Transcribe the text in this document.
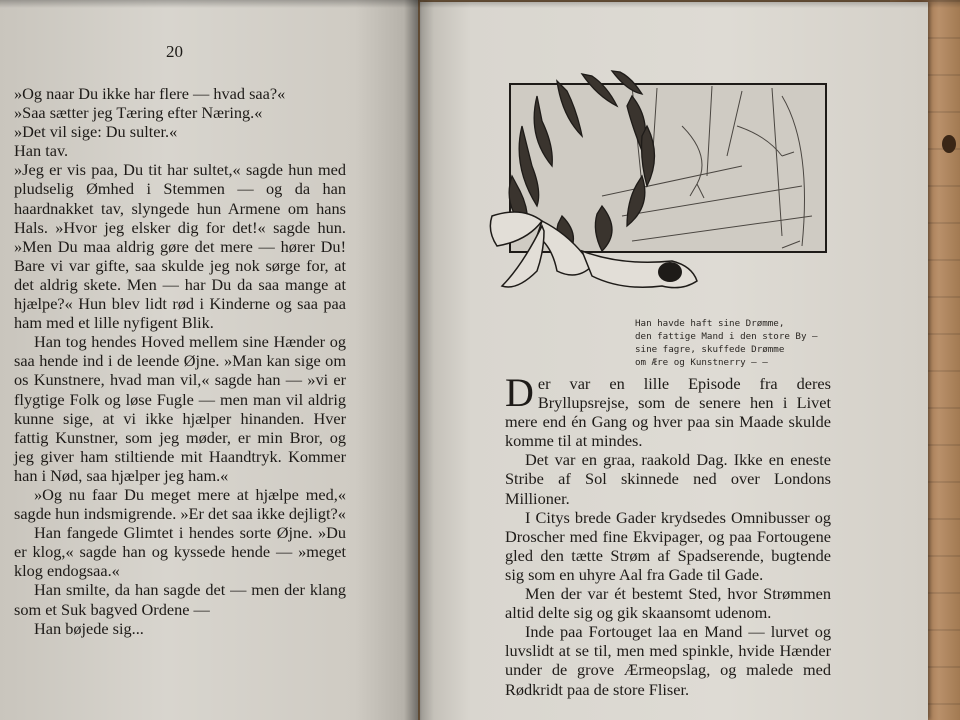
20

»Og naar Du ikke har flere — hvad saa?«

»Saa sætter jeg Tæring efter Næring.«

»Det vil sige: Du sulter.«

Han tav.

»Jeg er vis paa, Du tit har sultet,« sagde hun med pludselig Ømhed i Stemmen — og da han haardnakket tav, slyngede hun Armene om hans Hals. »Hvor jeg elsker dig for det!« sagde hun. »Men Du maa aldrig gøre det mere — hører Du! Bare vi var gifte, saa skulde jeg nok sørge for, at det aldrig skete. Men — har Du da saa mange at hjælpe?« Hun blev lidt rød i Kinderne og saa paa ham med et lille nyfigent Blik.

Han tog hendes Hoved mellem sine Hænder og saa hende ind i de leende Øjne. »Man kan sige om os Kunstnere, hvad man vil,« sagde han — »vi er flygtige Folk og løse Fugle — men man vil aldrig kunne sige, at vi ikke hjælper hinanden. Hver fattig Kunstner, som jeg møder, er min Bror, og jeg giver ham stiltiende mit Haandtryk. Kommer han i Nød, saa hjælper jeg ham.«

»Og nu faar Du meget mere at hjælpe med,« sagde hun indsmigrende. »Er det saa ikke dejligt?«

Han fangede Glimtet i hendes sorte Øjne. »Du er klog,« sagde han og kyssede hende — »meget klog endogsaa.«

Han smilte, da han sagde det — men der klang som et Suk bagved Ordene —

Han bøjede sig...

Han havde haft sine Drømme,
den fattige Mand i den store By —
sine fagre, skuffede Drømme
om Ære og Kunstnerry — —

Der var en lille Episode fra deres Bryllupsrejse, som de senere hen i Livet mere end én Gang og hver paa sin Maade skulde komme til at mindes.

Det var en graa, raakold Dag. Ikke en eneste Stribe af Sol skinnede ned over Londons Millioner.

I Citys brede Gader krydsedes Omnibusser og Droscher med fine Ekvipager, og paa Fortougene gled den tætte Strøm af Spadserende, bugtende sig som en uhyre Aal fra Gade til Gade.

Men der var ét bestemt Sted, hvor Strømmen altid delte sig og gik skaansomt udenom.

Inde paa Fortouget laa en Mand — lurvet og luvslidt at se til, men med spinkle, hvide Hænder under de grove Ærmeopslag, og malede med Rødkridt paa de store Fliser.
